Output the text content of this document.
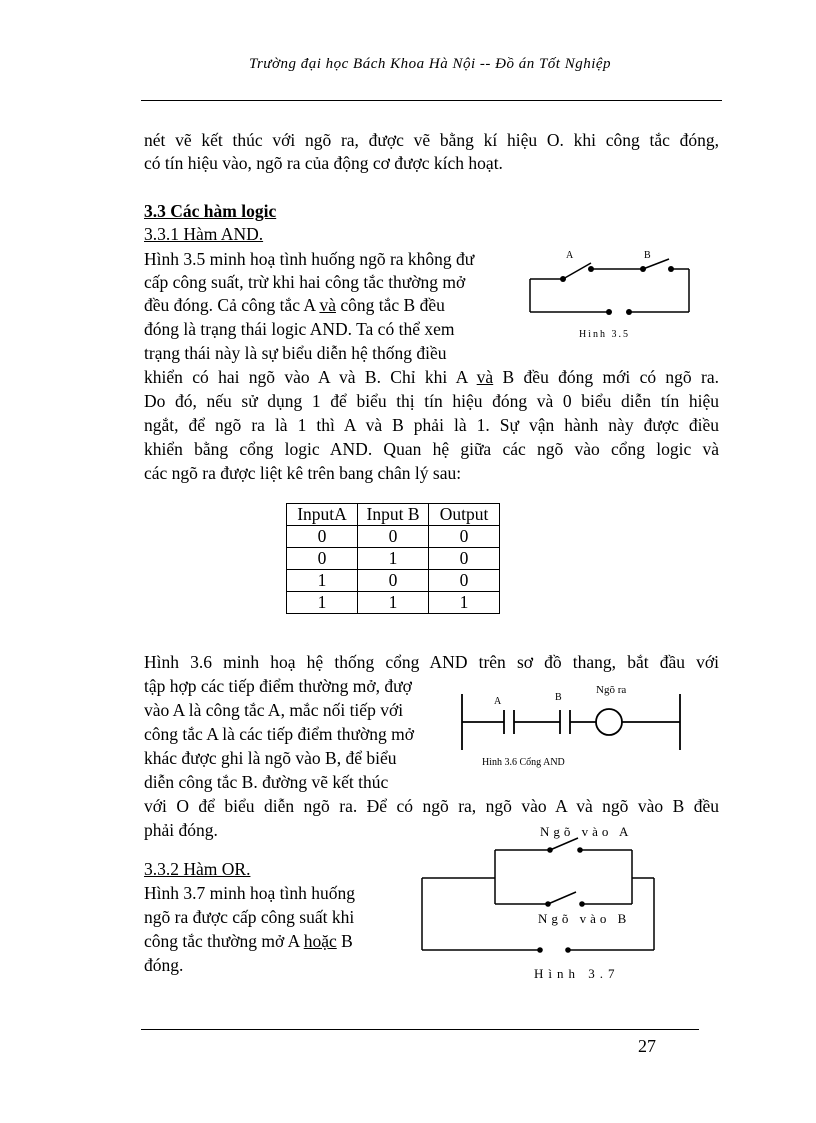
Trường đại học Bách Khoa Hà Nội -- Đồ án Tốt Nghiệp
nét vẽ kết thúc với ngõ ra, được vẽ bằng kí hiệu O. khi công tắc đóng,
có tín hiệu vào, ngõ ra của động cơ được kích hoạt.
3.3 Các hàm logic
3.3.1 Hàm AND.
Hình 3.5 minh hoạ tình huống ngõ ra không đư
cấp công suất, trừ khi hai công tắc thường mở
đều đóng. Cả công tắc A và công tắc B đều
đóng là trạng thái logic AND. Ta có thể xem
trạng thái này là sự biểu diễn hệ thống điều
khiển có hai ngõ vào A và B. Chỉ khi A và B đều đóng mới có ngõ ra.
Do đó, nếu sử dụng 1 để biểu thị tín hiệu đóng và 0 biểu diễn tín hiệu
ngắt, để ngõ ra là 1 thì A và B phải là 1. Sự vận hành này được điều
khiển bằng cổng logic AND. Quan hệ giữa các ngõ vào cổng logic và
các ngõ ra được liệt kê trên bang chân lý sau:
A	B
Hình 3.5
InputA	Input B	Output
0	0	0
0	1	0
1	0	0
1	1	1
Hình 3.6 minh hoạ hệ thống cổng AND trên sơ đồ thang, bắt đầu với
tập hợp các tiếp điểm thường mở, đượ
vào A là công tắc A, mắc nối tiếp với
công tắc A là các tiếp điểm thường mở
khác được ghi là ngõ vào B, để biểu
diễn công tắc B. đường vẽ kết thúc
với O để biểu diễn ngõ ra. Để có ngõ ra, ngõ vào A và ngõ vào B đều
phải đóng.
A	B
Ngõ ra
Hình 3.6 Cổng AND
3.3.2 Hàm OR.
Hình 3.7 minh hoạ tình huống
ngõ ra được cấp công suất khi
công tắc thường mở A hoặc B
đóng.
Ngõ vào A
Ngõ vào B
Hình 3.7
27
